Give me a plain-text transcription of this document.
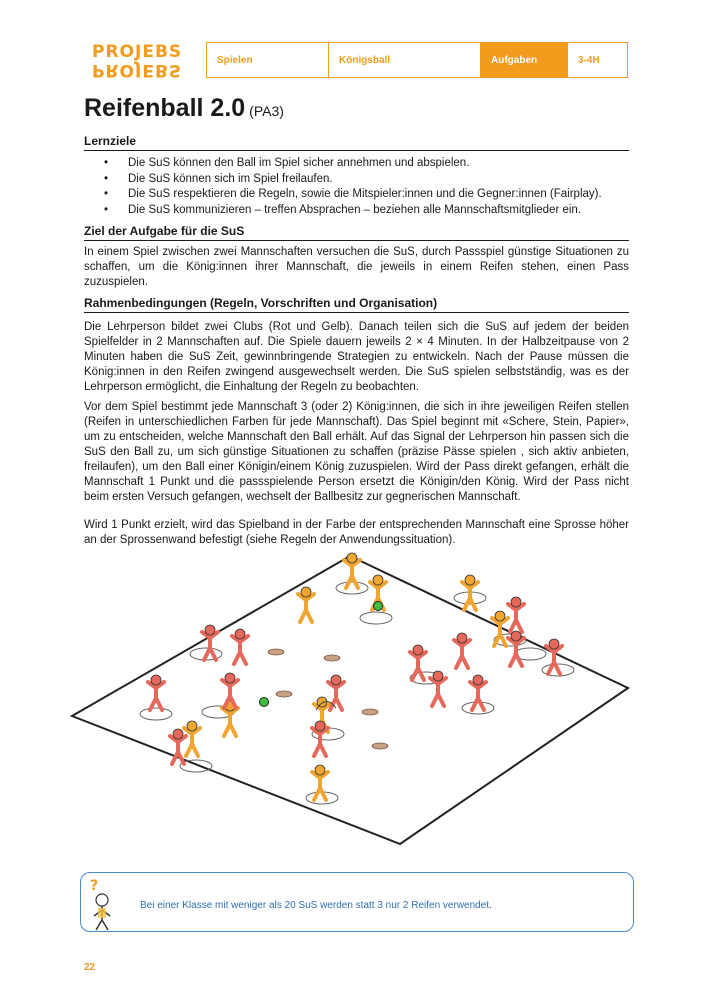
PROJEBS
PROJEBS	Spielen	Königsball	Aufgaben	3-4H
Reifenball 2.0 (PA3)
Lernziele
• Die SuS können den Ball im Spiel sicher annehmen und abspielen.
• Die SuS können sich im Spiel freilaufen.
• Die SuS respektieren die Regeln, sowie die Mitspieler:innen und die Gegner:innen (Fairplay).
• Die SuS kommunizieren – treffen Absprachen – beziehen alle Mannschaftsmitglieder ein.
Ziel der Aufgabe für die SuS
In einem Spiel zwischen zwei Mannschaften versuchen die SuS, durch Passspiel günstige Situationen zu schaffen, um die König:innen ihrer Mannschaft, die jeweils in einem Reifen stehen, einen Pass zuzuspielen.
Rahmenbedingungen (Regeln, Vorschriften und Organisation)
Die Lehrperson bildet zwei Clubs (Rot und Gelb). Danach teilen sich die SuS auf jedem der beiden Spielfelder in 2 Mannschaften auf. Die Spiele dauern jeweils 2 × 4 Minuten. In der Halbzeitpause von 2 Minuten haben die SuS Zeit, gewinnbringende Strategien zu entwickeln. Nach der Pause müssen die König:innen in den Reifen zwingend ausgewechselt werden. Die SuS spielen selbstständig, was es der Lehrperson ermöglicht, die Einhaltung der Regeln zu beobachten.
Vor dem Spiel bestimmt jede Mannschaft 3 (oder 2) König:innen, die sich in ihre jeweiligen Reifen stellen (Reifen in unterschiedlichen Farben für jede Mannschaft). Das Spiel beginnt mit «Schere, Stein, Papier», um zu entscheiden, welche Mannschaft den Ball erhält. Auf das Signal der Lehrperson hin passen sich die SuS den Ball zu, um sich günstige Situationen zu schaffen (präzise Pässe spielen , sich aktiv anbieten, freilaufen), um den Ball einer Königin/einem König zuzuspielen. Wird der Pass direkt gefangen, erhält die Mannschaft 1 Punkt und die passspielende Person ersetzt die Königin/den König. Wird der Pass nicht beim ersten Versuch gefangen, wechselt der Ballbesitz zur gegnerischen Mannschaft.
Wird 1 Punkt erzielt, wird das Spielband in der Farbe der entsprechenden Mannschaft eine Sprosse höher an der Sprossenwand befestigt (siehe Regeln der Anwendungssituation).
?
Bei einer Klasse mit weniger als 20 SuS werden statt 3 nur 2 Reifen verwendet.
22
